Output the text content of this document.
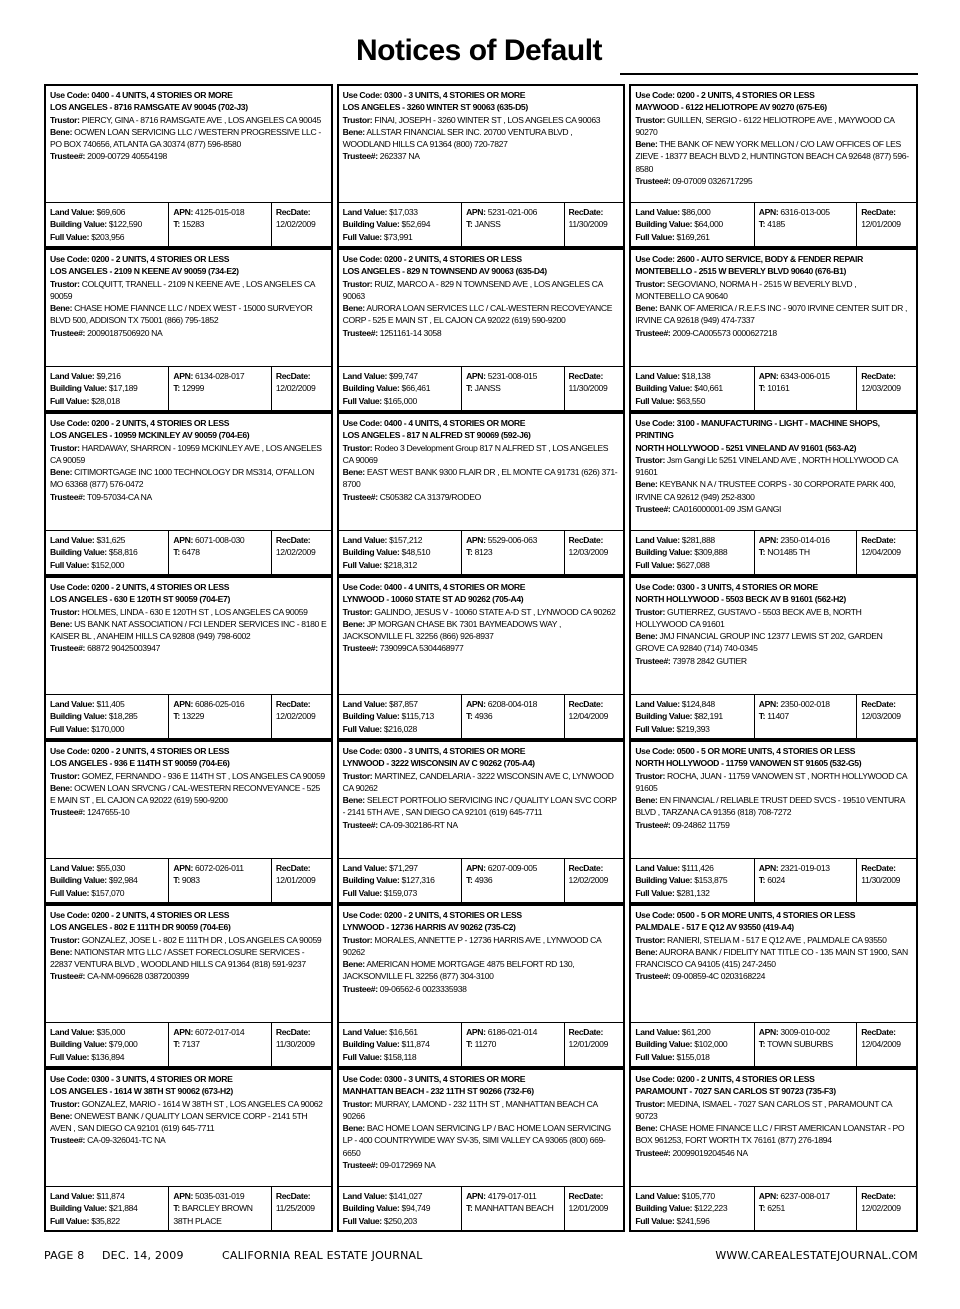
Notices of Default
Use Code: 0400 - 4 UNITS, 4 STORIES OR MORE
LOS ANGELES - 8716 RAMSGATE AV 90045 (702-J3)
Trustor: PIERCY, GINA - 8716 RAMSGATE AVE , LOS ANGELES CA 90045
Bene: OCWEN LOAN SERVICING LLC / WESTERN PROGRESSIVE LLC - PO BOX 740656, ATLANTA GA 30374 (877) 596-8580
Trustee#: 2009-00729 40554198
Land Value: $69,606
Building Value: $122,590
Full Value: $203,956
APN: 4125-015-018
T: 15283
RecDate:
12/02/2009
Use Code: 0300 - 3 UNITS, 4 STORIES OR MORE
LOS ANGELES - 3260 WINTER ST 90063 (635-D5)
Trustor: FINAI, JOSEPH - 3260 WINTER ST , LOS ANGELES CA 90063
Bene: ALLSTAR FINANCIAL SER INC. 20700 VENTURA BLVD , WOODLAND HILLS CA 91364 (800) 720-7827
Trustee#: 262337 NA
Land Value: $17,033
Building Value: $52,694
Full Value: $73,991
APN: 5231-021-006
T: JANSS
RecDate:
11/30/2009
Use Code: 0200 - 2 UNITS, 4 STORIES OR LESS
MAYWOOD - 6122 HELIOTROPE AV 90270 (675-E6)
Trustor: GUILLEN, SERGIO - 6122 HELIOTROPE AVE , MAYWOOD CA 90270
Bene: THE BANK OF NEW YORK MELLON / C/O LAW OFFICES OF LES ZIEVE - 18377 BEACH BLVD 2, HUNTINGTON BEACH CA 92648 (877) 596-8580
Trustee#: 09-07009 0326717295
Land Value: $86,000
Building Value: $64,000
Full Value: $169,261
APN: 6316-013-005
T: 4185
RecDate:
12/01/2009
Use Code: 0200 - 2 UNITS, 4 STORIES OR LESS
LOS ANGELES - 2109 N KEENE AV 90059 (734-E2)
Trustor: COLQUITT, TRANELL - 2109 N KEENE AVE , LOS ANGELES CA 90059
Bene: CHASE HOME FIANNCE LLC / NDEX WEST - 15000 SURVEYOR BLVD 500, ADDISON TX 75001 (866) 795-1852
Trustee#: 20090187506920 NA
Land Value: $9,216
Building Value: $17,189
Full Value: $28,018
APN: 6134-028-017
T: 12999
RecDate:
12/02/2009
Use Code: 0200 - 2 UNITS, 4 STORIES OR LESS
LOS ANGELES - 829 N TOWNSEND AV 90063 (635-D4)
Trustor: RUIZ, MARCO A - 829 N TOWNSEND AVE , LOS ANGELES CA 90063
Bene: AURORA LOAN SERVICES LLC / CAL-WESTERN RECOVEYANCE CORP - 525 E MAIN ST , EL CAJON CA 92022 (619) 590-9200
Trustee#: 1251161-14 3058
Land Value: $99,747
Building Value: $66,461
Full Value: $165,000
APN: 5231-008-015
T: JANSS
RecDate:
11/30/2009
Use Code: 2600 - AUTO SERVICE, BODY & FENDER REPAIR
MONTEBELLO - 2515 W BEVERLY BLVD 90640 (676-B1)
Trustor: SEGOVIANO, NORMA H - 2515 W BEVERLY BLVD , MONTEBELLO CA 90640
Bene: BANK OF AMERICA / R.E.F.S INC - 9070 IRVINE CENTER SUIT DR , IRVINE CA 92618 (949) 474-7337
Trustee#: 2009-CA005573 0000627218
Land Value: $18,138
Building Value: $40,661
Full Value: $63,550
APN: 6343-006-015
T: 10161
RecDate:
12/03/2009
Use Code: 0200 - 2 UNITS, 4 STORIES OR LESS
LOS ANGELES - 10959 MCKINLEY AV 90059 (704-E6)
Trustor: HARDAWAY, SHARRON - 10959 MCKINLEY AVE , LOS ANGELES CA 90059
Bene: CITIMORTGAGE INC 1000 TECHNOLOGY DR MS314, O'FALLON MO 63368 (877) 576-0472
Trustee#: T09-57034-CA NA
Land Value: $31,625
Building Value: $58,816
Full Value: $152,000
APN: 6071-008-030
T: 6478
RecDate:
12/02/2009
Use Code: 0400 - 4 UNITS, 4 STORIES OR MORE
LOS ANGELES - 817 N ALFRED ST 90069 (592-J6)
Trustor: Rodeo 3 Development Group 817 N ALFRED ST , LOS ANGELES CA 90069
Bene: EAST WEST BANK 9300 FLAIR DR , EL MONTE CA 91731 (626) 371-8700
Trustee#: C505382 CA 31379/RODEO
Land Value: $157,212
Building Value: $48,510
Full Value: $218,312
APN: 5529-006-063
T: 8123
RecDate:
12/03/2009
Use Code: 3100 - MANUFACTURING - LIGHT - MACHINE SHOPS, PRINTING
NORTH HOLLYWOOD - 5251 VINELAND AV 91601 (563-A2)
Trustor: Jsm Gangi Llc 5251 VINELAND AVE , NORTH HOLLYWOOD CA 91601
Bene: KEYBANK N A / TRUSTEE CORPS - 30 CORPORATE PARK 400, IRVINE CA 92612 (949) 252-8300
Trustee#: CA016000001-09 JSM GANGI
Land Value: $281,888
Building Value: $309,888
Full Value: $627,088
APN: 2350-014-016
T: NO1485 TH
RecDate:
12/04/2009
Use Code: 0200 - 2 UNITS, 4 STORIES OR LESS
LOS ANGELES - 630 E 120TH ST 90059 (704-E7)
Trustor: HOLMES, LINDA - 630 E 120TH ST , LOS ANGELES CA 90059
Bene: US BANK NAT ASSOCIATION / FCI LENDER SERVICES INC - 8180 E KAISER BL , ANAHEIM HILLS CA 92808 (949) 798-6002
Trustee#: 68872 90425003947
Land Value: $11,405
Building Value: $18,285
Full Value: $170,000
APN: 6086-025-016
T: 13229
RecDate:
12/02/2009
Use Code: 0400 - 4 UNITS, 4 STORIES OR MORE
LYNWOOD - 10060 STATE ST AD 90262 (705-A4)
Trustor: GALINDO, JESUS V - 10060 STATE A-D ST , LYNWOOD CA 90262
Bene: JP MORGAN CHASE BK 7301 BAYMEADOWS WAY , JACKSONVILLE FL 32256 (866) 926-8937
Trustee#: 739099CA 5304468977
Land Value: $87,857
Building Value: $115,713
Full Value: $216,028
APN: 6208-004-018
T: 4936
RecDate:
12/04/2009
Use Code: 0300 - 3 UNITS, 4 STORIES OR MORE
NORTH HOLLYWOOD - 5503 BECK AV B 91601 (562-H2)
Trustor: GUTIERREZ, GUSTAVO - 5503 BECK AVE B, NORTH HOLLYWOOD CA 91601
Bene: JMJ FINANCIAL GROUP INC 12377 LEWIS ST 202, GARDEN GROVE CA 92840 (714) 740-0345
Trustee#: 73978 2842 GUTIER
Land Value: $124,848
Building Value: $82,191
Full Value: $219,393
APN: 2350-002-018
T: 11407
RecDate:
12/03/2009
Use Code: 0200 - 2 UNITS, 4 STORIES OR LESS
LOS ANGELES - 936 E 114TH ST 90059 (704-E6)
Trustor: GOMEZ, FERNANDO - 936 E 114TH ST , LOS ANGELES CA 90059
Bene: OCWEN LOAN SRVCNG / CAL-WESTERN RECONVEYANCE - 525 E MAIN ST , EL CAJON CA 92022 (619) 590-9200
Trustee#: 1247655-10
Land Value: $55,030
Building Value: $92,984
Full Value: $157,070
APN: 6072-026-011
T: 9083
RecDate:
12/01/2009
Use Code: 0300 - 3 UNITS, 4 STORIES OR MORE
LYNWOOD - 3222 WISCONSIN AV C 90262 (705-A4)
Trustor: MARTINEZ, CANDELARIA - 3222 WISCONSIN AVE C, LYNWOOD CA 90262
Bene: SELECT PORTFOLIO SERVICING INC / QUALITY LOAN SVC CORP - 2141 5TH AVE , SAN DIEGO CA 92101 (619) 645-7711
Trustee#: CA-09-302186-RT NA
Land Value: $71,297
Building Value: $127,316
Full Value: $159,073
APN: 6207-009-005
T: 4936
RecDate:
12/02/2009
Use Code: 0500 - 5 OR MORE UNITS, 4 STORIES OR LESS
NORTH HOLLYWOOD - 11759 VANOWEN ST 91605 (532-G5)
Trustor: ROCHA, JUAN - 11759 VANOWEN ST , NORTH HOLLYWOOD CA 91605
Bene: EN FINANCIAL / RELIABLE TRUST DEED SVCS - 19510 VENTURA BLVD , TARZANA CA 91356 (818) 708-7272
Trustee#: 09-24862 11759
Land Value: $111,426
Building Value: $153,875
Full Value: $281,132
APN: 2321-019-013
T: 6024
RecDate:
11/30/2009
Use Code: 0200 - 2 UNITS, 4 STORIES OR LESS
LOS ANGELES - 802 E 111TH DR 90059 (704-E6)
Trustor: GONZALEZ, JOSE L - 802 E 111TH DR , LOS ANGELES CA 90059
Bene: NATIONSTAR MTG LLC / ASSET FORECLOSURE SERVICES - 22837 VENTURA BLVD , WOODLAND HILLS CA 91364 (818) 591-9237
Trustee#: CA-NM-096628 0387200399
Land Value: $35,000
Building Value: $79,000
Full Value: $136,894
APN: 6072-017-014
T: 7137
RecDate:
11/30/2009
Use Code: 0200 - 2 UNITS, 4 STORIES OR LESS
LYNWOOD - 12736 HARRIS AV 90262 (735-C2)
Trustor: MORALES, ANNETTE P - 12736 HARRIS AVE , LYNWOOD CA 90262
Bene: AMERICAN HOME MORTGAGE 4875 BELFORT RD 130, JACKSONVILLE FL 32256 (877) 304-3100
Trustee#: 09-06562-6 0023335938
Land Value: $16,561
Building Value: $11,874
Full Value: $158,118
APN: 6186-021-014
T: 11270
RecDate:
12/01/2009
Use Code: 0500 - 5 OR MORE UNITS, 4 STORIES OR LESS
PALMDALE - 517 E Q12 AV 93550 (419-A4)
Trustor: RANIERI, STELIA M - 517 E Q12 AVE , PALMDALE CA 93550
Bene: AURORA BANK / FIDELITY NAT TITLE CO - 135 MAIN ST 1900, SAN FRANCISCO CA 94105 (415) 247-2450
Trustee#: 09-00859-4C 0203168224
Land Value: $61,200
Building Value: $102,000
Full Value: $155,018
APN: 3009-010-002
T: TOWN SUBURBS
RecDate:
12/04/2009
Use Code: 0300 - 3 UNITS, 4 STORIES OR MORE
LOS ANGELES - 1614 W 38TH ST 90062 (673-H2)
Trustor: GONZALEZ, MARIO - 1614 W 38TH ST , LOS ANGELES CA 90062
Bene: ONEWEST BANK / QUALITY LOAN SERVICE CORP - 2141 5TH AVEN , SAN DIEGO CA 92101 (619) 645-7711
Trustee#: CA-09-326041-TC NA
Land Value: $11,874
Building Value: $21,884
Full Value: $35,822
APN: 5035-031-019
T: BARCLEY BROWN 38TH PLACE
RecDate:
11/25/2009
Use Code: 0300 - 3 UNITS, 4 STORIES OR MORE
MANHATTAN BEACH - 232 11TH ST 90266 (732-F6)
Trustor: MURRAY, LAMOND - 232 11TH ST , MANHATTAN BEACH CA 90266
Bene: BAC HOME LOAN SERVICING LP / BAC HOME LOAN SERVICING LP - 400 COUNTRYWIDE WAY SV-35, SIMI VALLEY CA 93065 (800) 669-6650
Trustee#: 09-0172969 NA
Land Value: $141,027
Building Value: $94,749
Full Value: $250,203
APN: 4179-017-011
T: MANHATTAN BEACH
RecDate:
12/01/2009
Use Code: 0200 - 2 UNITS, 4 STORIES OR LESS
PARAMOUNT - 7027 SAN CARLOS ST 90723 (735-F3)
Trustor: MEDINA, ISMAEL - 7027 SAN CARLOS ST , PARAMOUNT CA 90723
Bene: CHASE HOME FINANCE LLC / FIRST AMERICAN LOANSTAR - PO BOX 961253, FORT WORTH TX 76161 (877) 276-1894
Trustee#: 20099019204546 NA
Land Value: $105,770
Building Value: $122,223
Full Value: $241,596
APN: 6237-008-017
T: 6251
RecDate:
12/02/2009
PAGE 8	DEC. 14, 2009	CALIFORNIA REAL ESTATE JOURNAL	WWW.CAREALESTATEJOURNAL.COM
